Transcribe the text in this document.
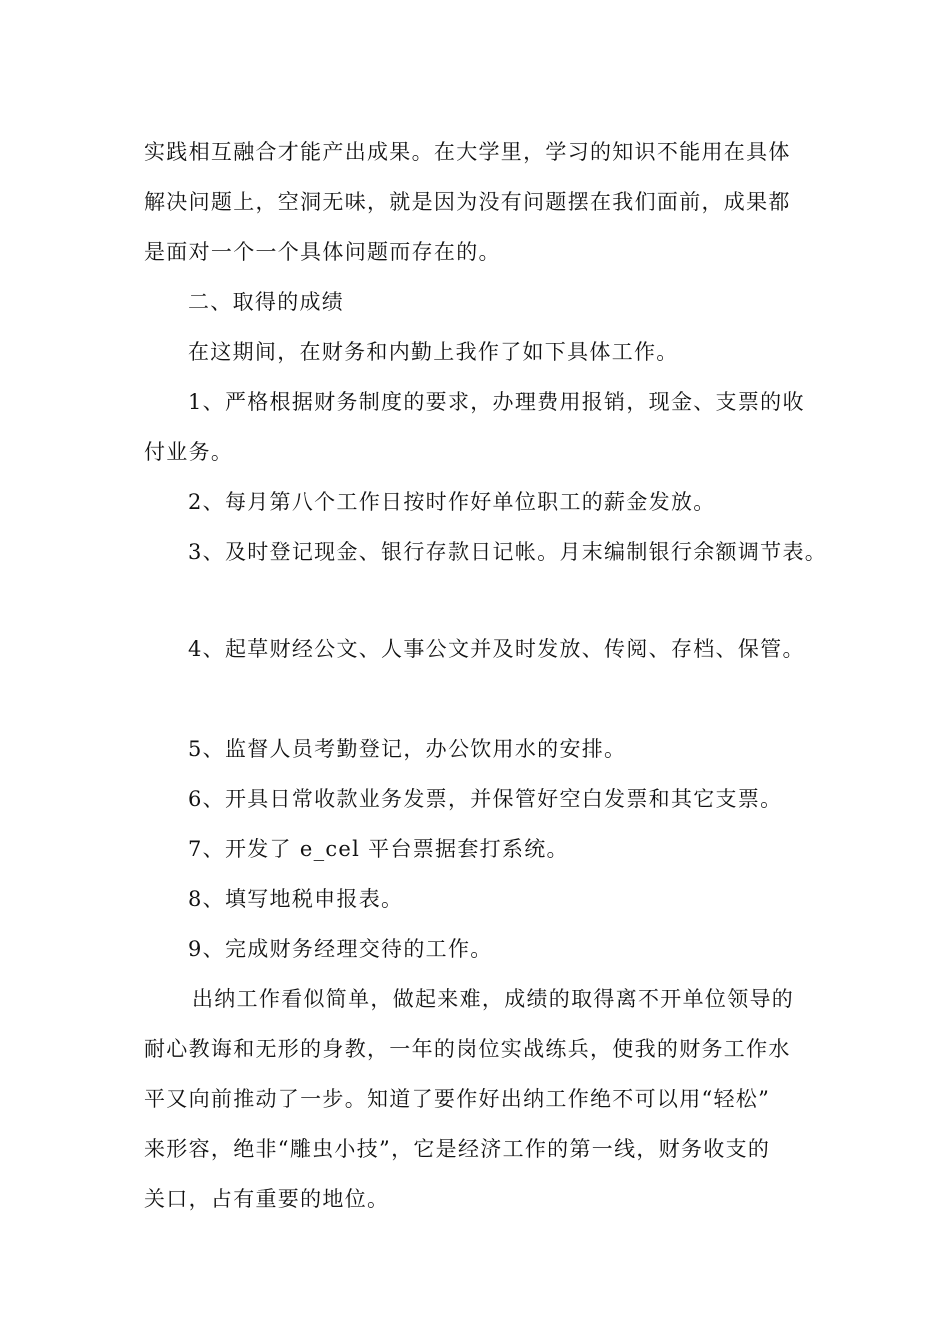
实践相互融合才能产出成果。在大学里，学习的知识不能用在具体
解决问题上，空洞无味，就是因为没有问题摆在我们面前，成果都
是面对一个一个具体问题而存在的。
二、取得的成绩
在这期间，在财务和内勤上我作了如下具体工作。
1、严格根据财务制度的要求，办理费用报销，现金、支票的收
付业务。
2、每月第八个工作日按时作好单位职工的薪金发放。
3、及时登记现金、银行存款日记帐。月末编制银行余额调节表。
4、起草财经公文、人事公文并及时发放、传阅、存档、保管。
5、监督人员考勤登记，办公饮用水的安排。
6、开具日常收款业务发票，并保管好空白发票和其它支票。
7、开发了 e_cel 平台票据套打系统。
8、填写地税申报表。
9、完成财务经理交待的工作。
出纳工作看似简单，做起来难，成绩的取得离不开单位领导的
耐心教诲和无形的身教，一年的岗位实战练兵，使我的财务工作水
平又向前推动了一步。知道了要作好出纳工作绝不可以用“轻松”
来形容，绝非“雕虫小技”，它是经济工作的第一线，财务收支的
关口，占有重要的地位。
